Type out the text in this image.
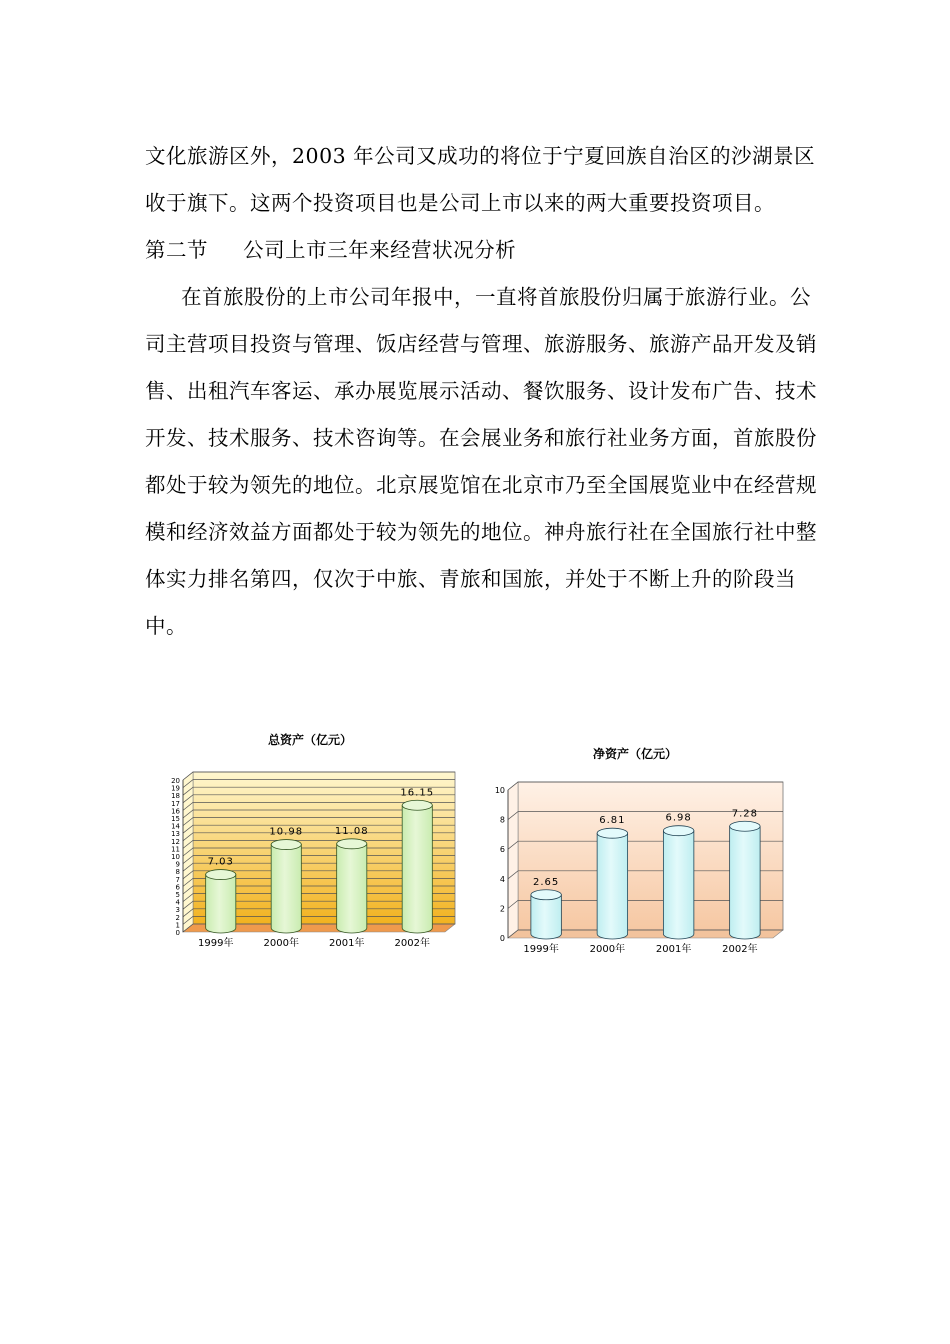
文化旅游区外，2003 年公司又成功的将位于宁夏回族自治区的沙湖景区收于旗下。这两个投资项目也是公司上市以来的两大重要投资项目。

第二节     公司上市三年来经营状况分析

在首旅股份的上市公司年报中，一直将首旅股份归属于旅游行业。公司主营项目投资与管理、饭店经营与管理、旅游服务、旅游产品开发及销售、出租汽车客运、承办展览展示活动、餐饮服务、设计发布广告、技术开发、技术服务、技术咨询等。在会展业务和旅行社业务方面，首旅股份都处于较为领先的地位。北京展览馆在北京市乃至全国展览业中在经营规模和经济效益方面都处于较为领先的地位。神舟旅行社在全国旅行社中整体实力排名第四，仅次于中旅、青旅和国旅，并处于不断上升的阶段当中。

总资产（亿元）
0
1
2
3
4
5
6
7
8
9
10
11
12
13
14
15
16
17
18
19
20
7.03
1999年
10.98
2000年
11.08
2001年
16.15
2002年
净资产（亿元）
0
2
4
6
8
10
2.65
1999年
6.81
2000年
6.98
2001年
7.28
2002年
